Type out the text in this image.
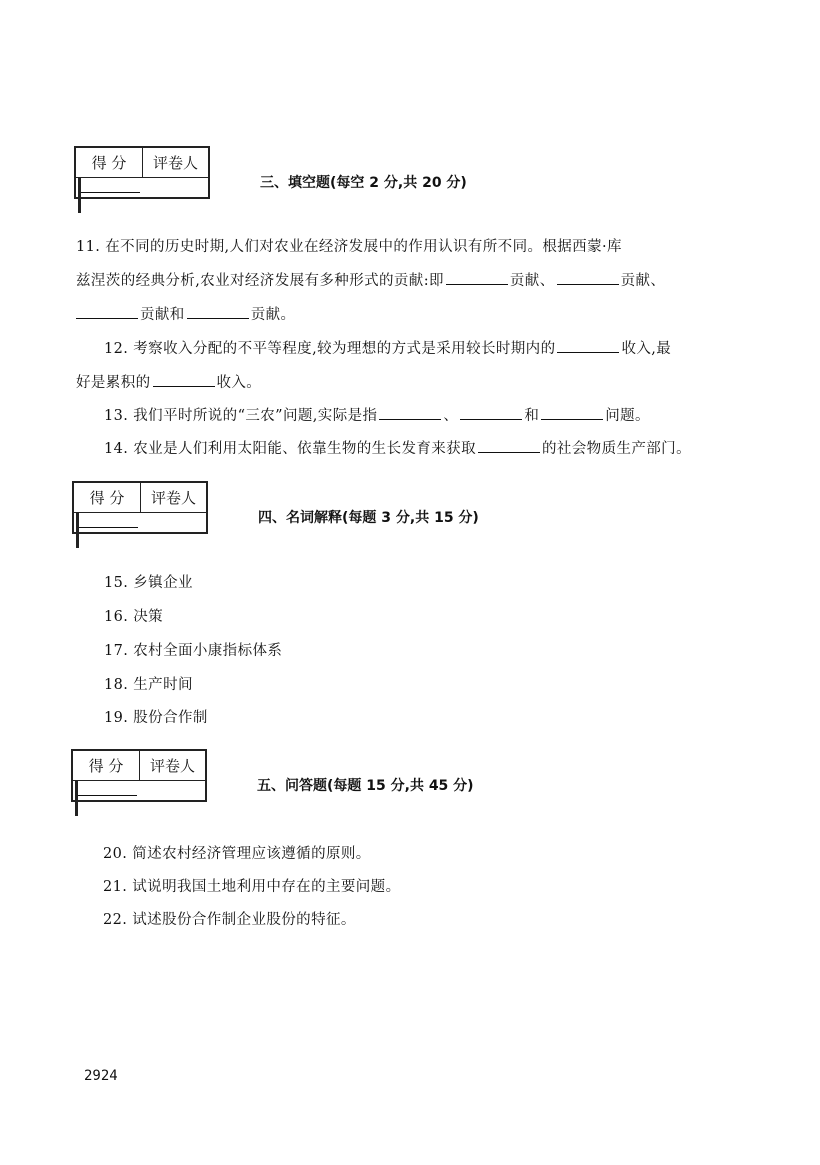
得 分	评卷人

三、填空题(每空 2 分,共 20 分)
11. 在不同的历史时期,人们对农业在经济发展中的作用认识有所不同。根据西蒙·库
兹涅茨的经典分析,农业对经济发展有多种形式的贡献:即	贡献、	贡献、
贡献和	贡献。
12. 考察收入分配的不平等程度,较为理想的方式是采用较长时期内的	收入,最
好是累积的	收入。
13. 我们平时所说的“三农”问题,实际是指	、	和	问题。
14. 农业是人们利用太阳能、依靠生物的生长发育来获取	的社会物质生产部门。
得 分	评卷人

四、名词解释(每题 3 分,共 15 分)
15. 乡镇企业
16. 决策
17. 农村全面小康指标体系
18. 生产时间
19. 股份合作制
得 分	评卷人

五、问答题(每题 15 分,共 45 分)
20. 简述农村经济管理应该遵循的原则。
21. 试说明我国土地利用中存在的主要问题。
22. 试述股份合作制企业股份的特征。
2924
